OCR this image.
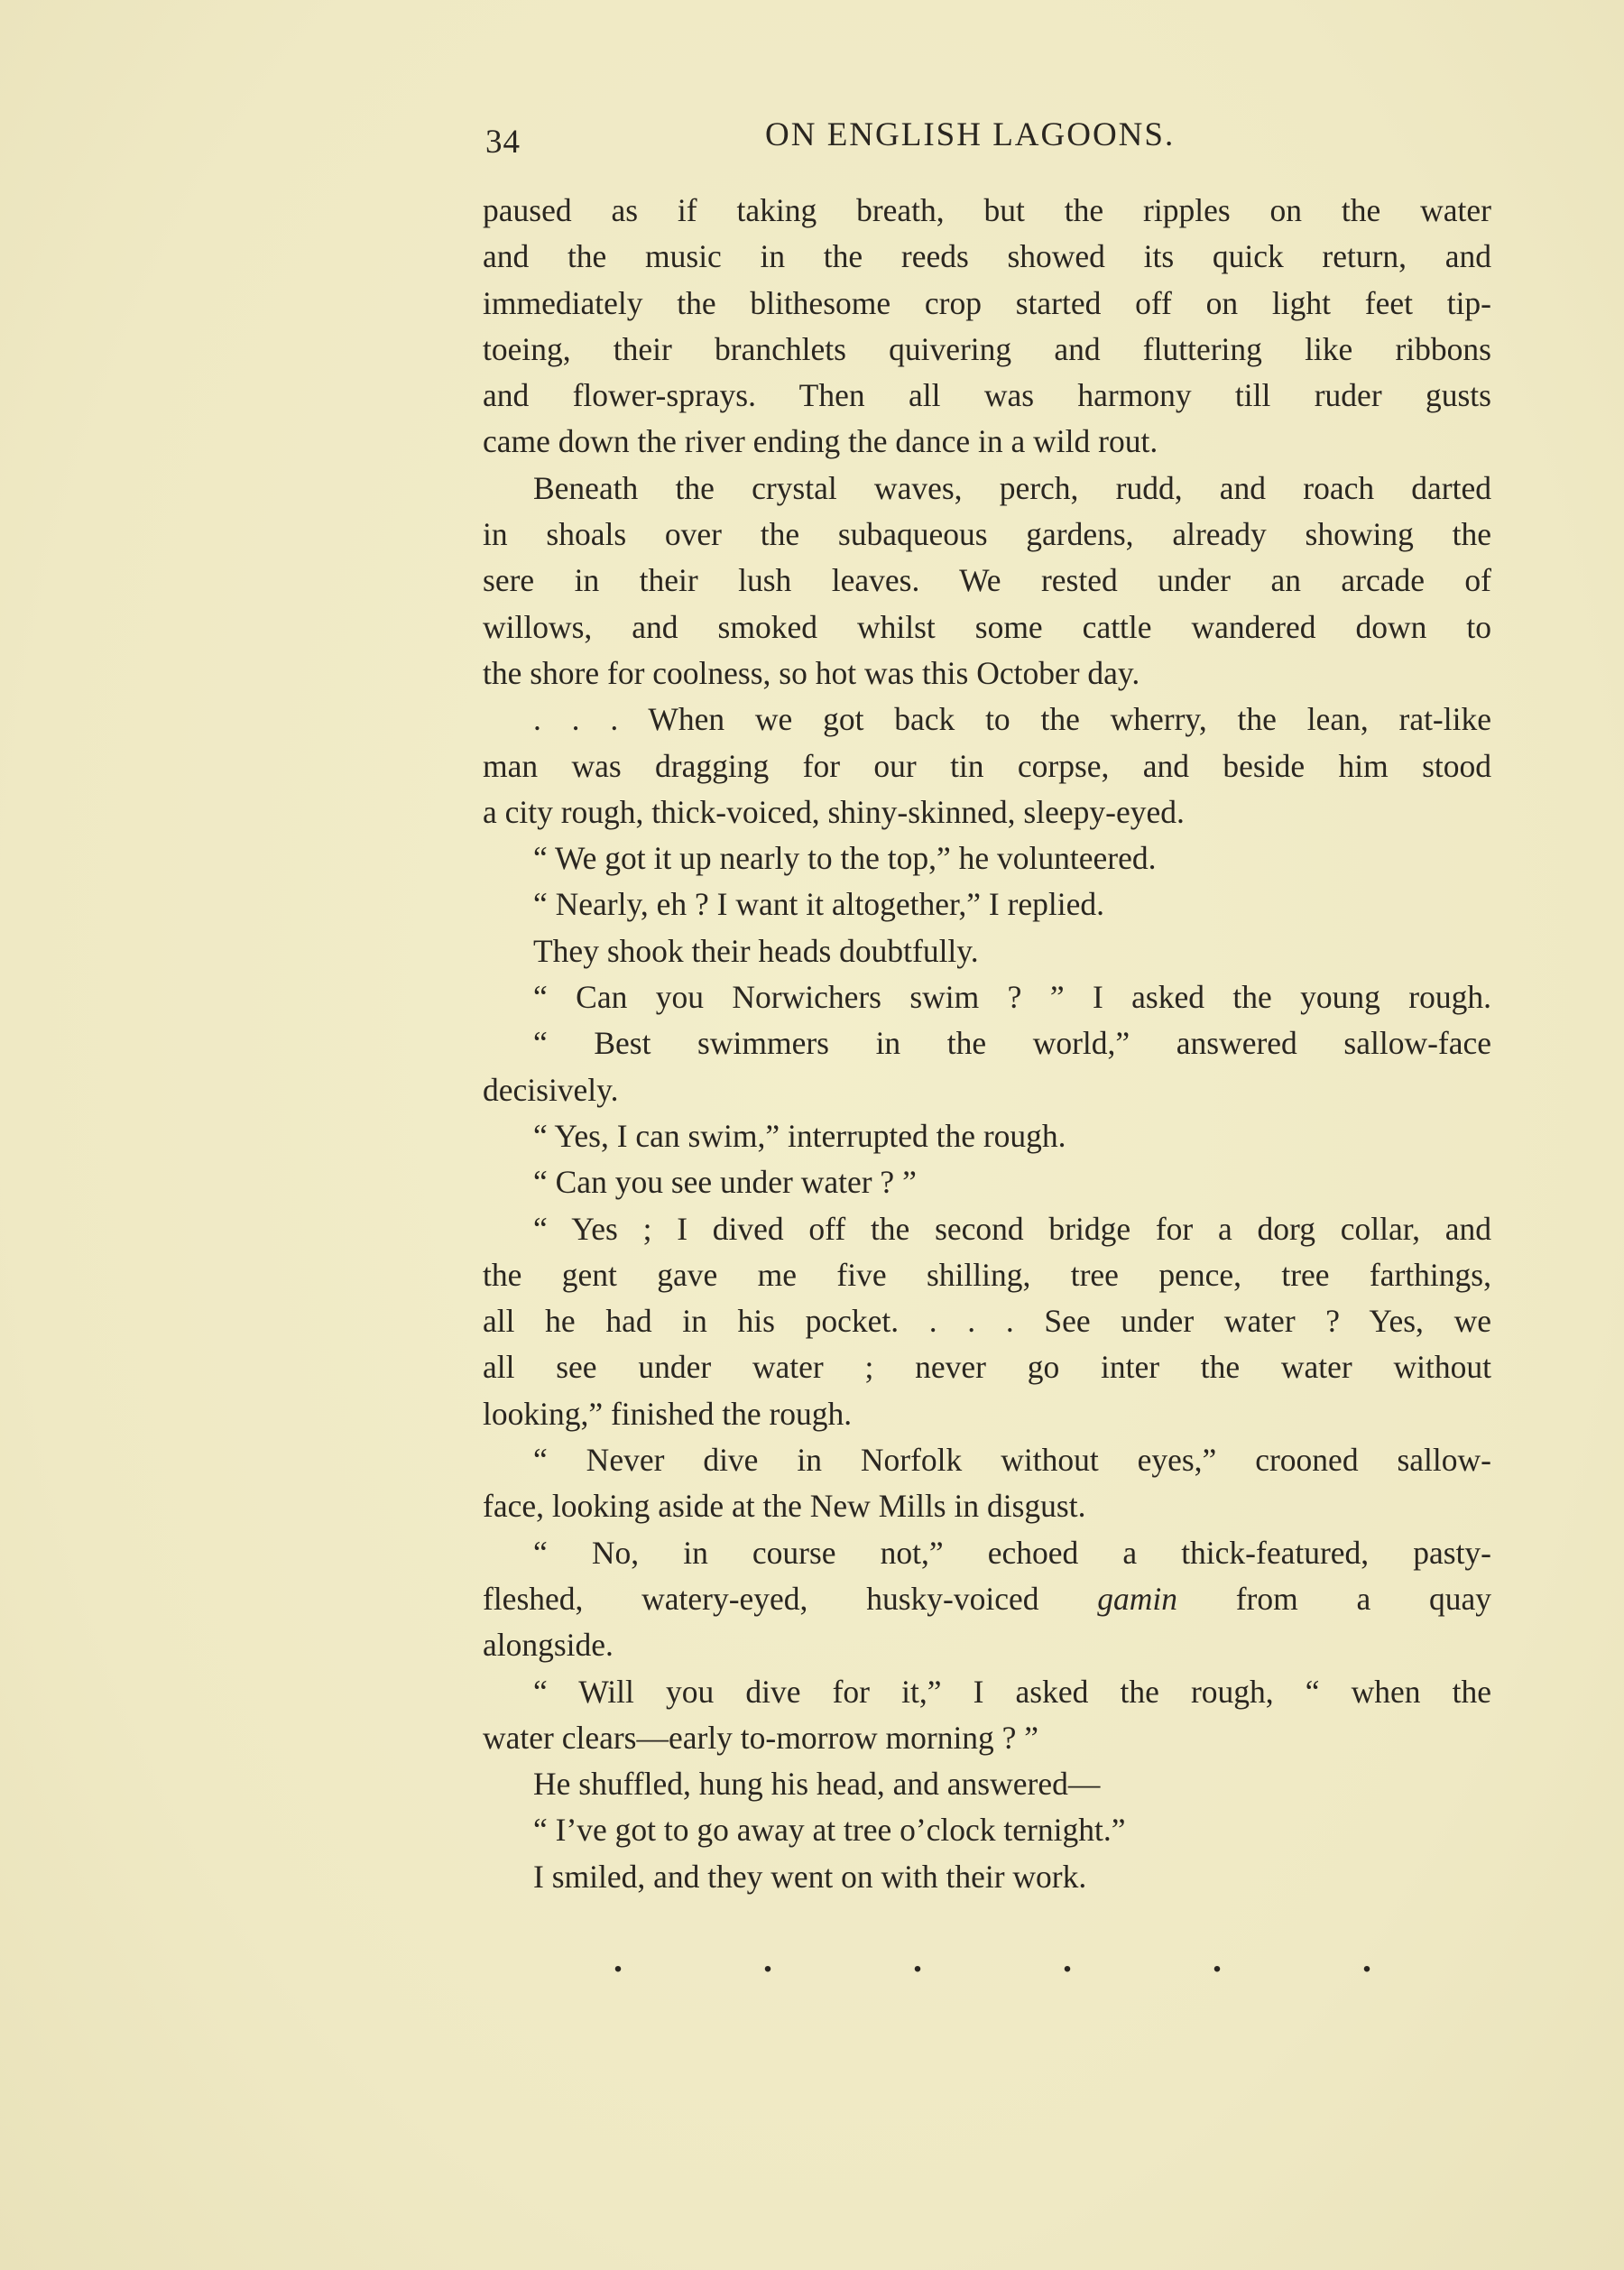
34	ON ENGLISH LAGOONS.
paused as if taking breath, but the ripples on the water
and the music in the reeds showed its quick return, and
immediately the blithesome crop started off on light feet tip-
toeing, their branchlets quivering and fluttering like ribbons
and flower-sprays. Then all was harmony till ruder gusts
came down the river ending the dance in a wild rout.
Beneath the crystal waves, perch, rudd, and roach darted
in shoals over the subaqueous gardens, already showing the
sere in their lush leaves. We rested under an arcade of
willows, and smoked whilst some cattle wandered down to
the shore for coolness, so hot was this October day.
. . . When we got back to the wherry, the lean, rat-like
man was dragging for our tin corpse, and beside him stood
a city rough, thick-voiced, shiny-skinned, sleepy-eyed.
“ We got it up nearly to the top,” he volunteered.
“ Nearly, eh ? I want it altogether,” I replied.
They shook their heads doubtfully.
“ Can you Norwichers swim ? ” I asked the young rough.
“ Best swimmers in the world,” answered sallow-face
decisively.
“ Yes, I can swim,” interrupted the rough.
“ Can you see under water ? ”
“ Yes ; I dived off the second bridge for a dorg collar, and
the gent gave me five shilling, tree pence, tree farthings,
all he had in his pocket. . . . See under water ? Yes, we
all see under water ; never go inter the water without
looking,” finished the rough.
“ Never dive in Norfolk without eyes,” crooned sallow-
face, looking aside at the New Mills in disgust.
“ No, in course not,” echoed a thick-featured, pasty-
fleshed, watery-eyed, husky-voiced gamin from a quay
alongside.
“ Will you dive for it,” I asked the rough, “ when the
water clears—early to-morrow morning ? ”
He shuffled, hung his head, and answered—
“ I’ve got to go away at tree o’clock ternight.”
I smiled, and they went on with their work.
.	.	.	.	.	.
